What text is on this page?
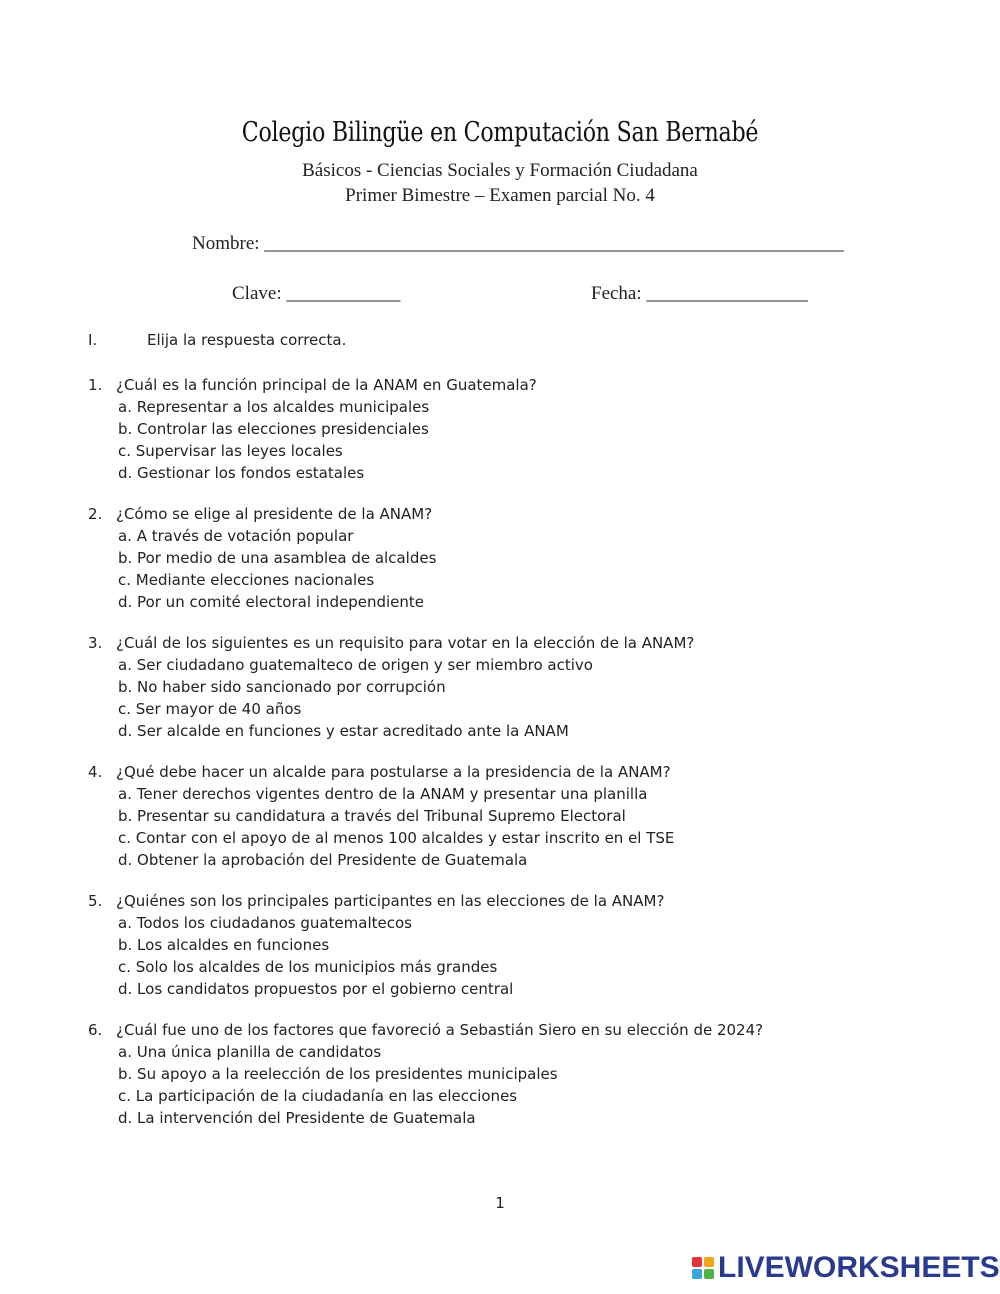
Colegio Bilingüe en Computación San Bernabé
Básicos - Ciencias Sociales y Formación Ciudadana
Primer Bimestre – Examen parcial No. 4
Nombre: _____________________________________________________________
Clave: ____________	Fecha: _________________
I.	Elija la respuesta correcta.
1. ¿Cuál es la función principal de la ANAM en Guatemala?
a. Representar a los alcaldes municipales
b. Controlar las elecciones presidenciales
c. Supervisar las leyes locales
d. Gestionar los fondos estatales
2. ¿Cómo se elige al presidente de la ANAM?
a. A través de votación popular
b. Por medio de una asamblea de alcaldes
c. Mediante elecciones nacionales
d. Por un comité electoral independiente
3. ¿Cuál de los siguientes es un requisito para votar en la elección de la ANAM?
a. Ser ciudadano guatemalteco de origen y ser miembro activo
b. No haber sido sancionado por corrupción
c. Ser mayor de 40 años
d. Ser alcalde en funciones y estar acreditado ante la ANAM
4. ¿Qué debe hacer un alcalde para postularse a la presidencia de la ANAM?
a. Tener derechos vigentes dentro de la ANAM y presentar una planilla
b. Presentar su candidatura a través del Tribunal Supremo Electoral
c. Contar con el apoyo de al menos 100 alcaldes y estar inscrito en el TSE
d. Obtener la aprobación del Presidente de Guatemala
5. ¿Quiénes son los principales participantes en las elecciones de la ANAM?
a. Todos los ciudadanos guatemaltecos
b. Los alcaldes en funciones
c. Solo los alcaldes de los municipios más grandes
d. Los candidatos propuestos por el gobierno central
6. ¿Cuál fue uno de los factores que favoreció a Sebastián Siero en su elección de 2024?
a. Una única planilla de candidatos
b. Su apoyo a la reelección de los presidentes municipales
c. La participación de la ciudadanía en las elecciones
d. La intervención del Presidente de Guatemala
1
LIVEWORKSHEETS
